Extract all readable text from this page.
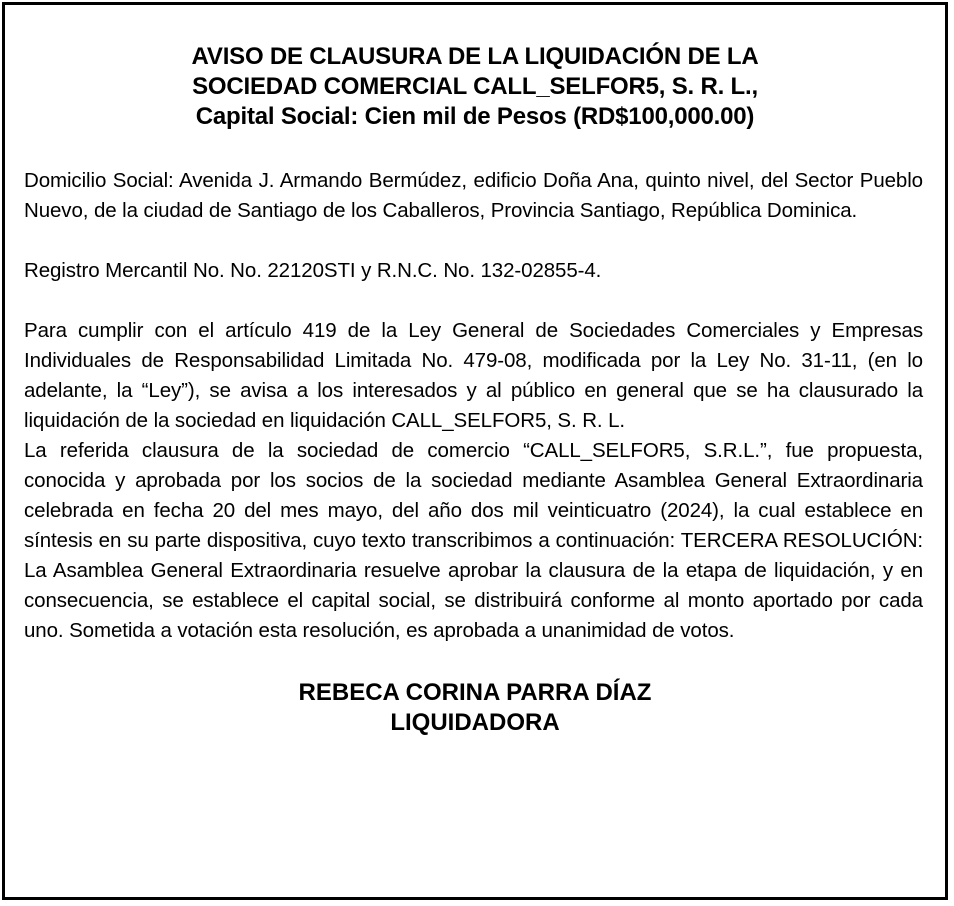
AVISO DE CLAUSURA DE LA LIQUIDACIÓN DE LA
SOCIEDAD COMERCIAL CALL_SELFOR5, S. R. L.,
Capital Social: Cien mil de Pesos (RD$100,000.00)

Domicilio Social: Avenida J. Armando Bermúdez, edificio Doña Ana, quinto nivel, del Sector Pueblo Nuevo, de la ciudad de Santiago de los Caballeros, Provincia Santiago, República Dominica.

Registro Mercantil No. No. 22120STI y R.N.C. No. 132-02855-4.

Para cumplir con el artículo 419 de la Ley General de Sociedades Comerciales y Empresas Individuales de Responsabilidad Limitada No. 479-08, modificada por la Ley No. 31-11, (en lo adelante, la “Ley”), se avisa a los interesados y al público en general que se ha clausurado la liquidación de la sociedad en liquidación CALL_SELFOR5, S. R. L.

La referida clausura de la sociedad de comercio “CALL_SELFOR5, S.R.L.”, fue propuesta, conocida y aprobada por los socios de la sociedad mediante Asamblea General Extraordinaria celebrada en fecha 20 del mes mayo, del año dos mil veinticuatro (2024), la cual establece en síntesis en su parte dispositiva, cuyo texto transcribimos a continuación: TERCERA RESOLUCIÓN: La Asamblea General Extraordinaria resuelve aprobar la clausura de la etapa de liquidación, y en consecuencia, se establece el capital social, se distribuirá conforme al monto aportado por cada uno. Sometida a votación esta resolución, es aprobada a unanimidad de votos.

REBECA CORINA PARRA DÍAZ
LIQUIDADORA
